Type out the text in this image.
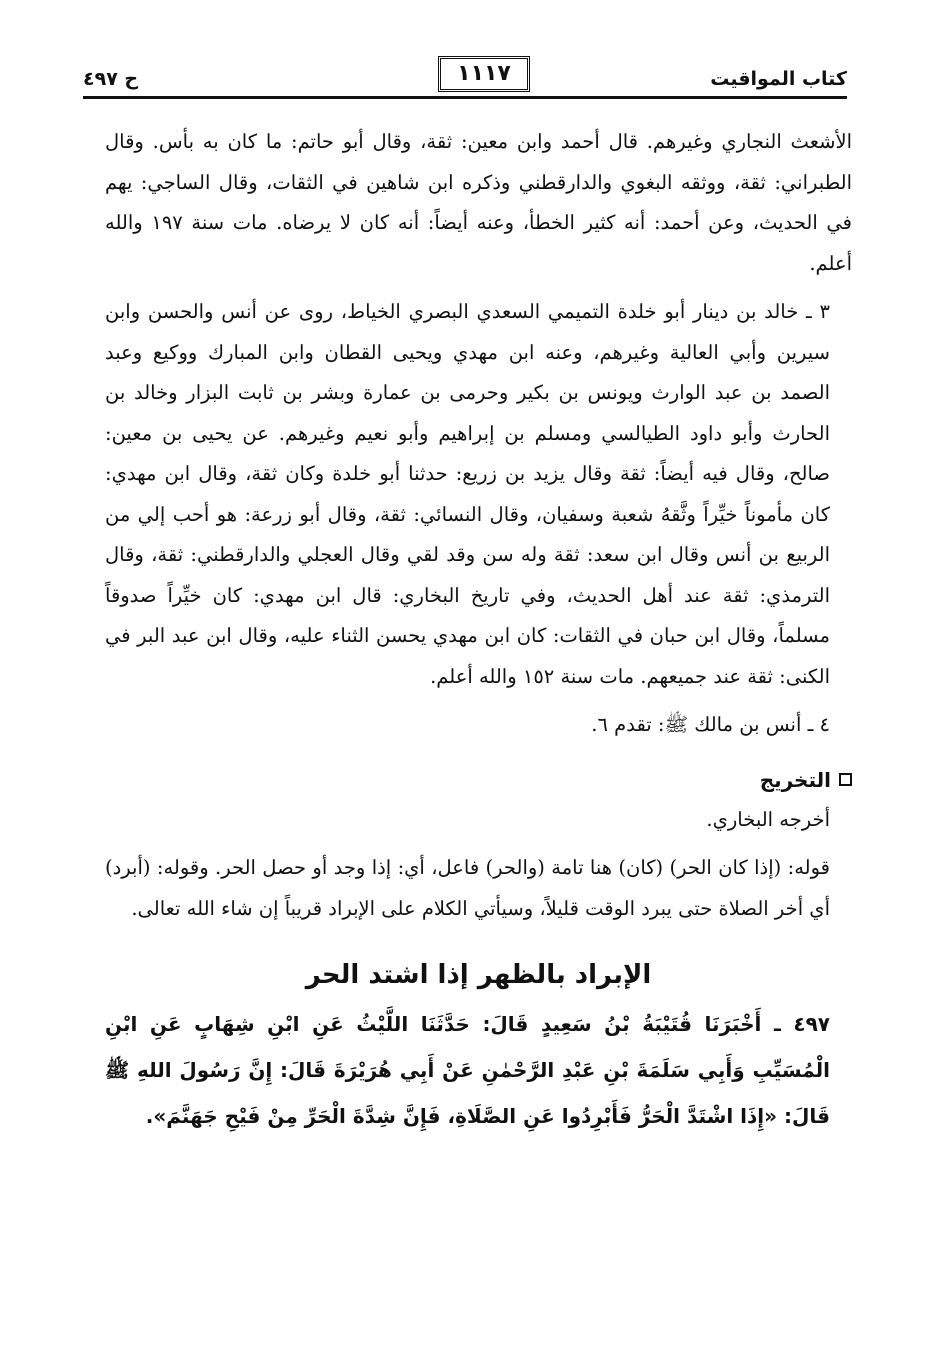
كتاب المواقيت
١١١٧
ح ٤٩٧

الأشعث النجاري وغيرهم. قال أحمد وابن معين: ثقة، وقال أبو حاتم: ما كان به بأس. وقال الطبراني: ثقة، ووثقه البغوي والدارقطني وذكره ابن شاهين في الثقات، وقال الساجي: يهم في الحديث، وعن أحمد: أنه كثير الخطأ، وعنه أيضاً: أنه كان لا يرضاه. مات سنة ١٩٧ والله أعلم.

٣ ـ خالد بن دينار أبو خلدة التميمي السعدي البصري الخياط، روى عن أنس والحسن وابن سيرين وأبي العالية وغيرهم، وعنه ابن مهدي ويحيى القطان وابن المبارك ووكيع وعبد الصمد بن عبد الوارث ويونس بن بكير وحرمى بن عمارة وبشر بن ثابت البزار وخالد بن الحارث وأبو داود الطيالسي ومسلم بن إبراهيم وأبو نعيم وغيرهم. عن يحيى بن معين: صالح، وقال فيه أيضاً: ثقة وقال يزيد بن زريع: حدثنا أبو خلدة وكان ثقة، وقال ابن مهدي: كان مأموناً خيِّراً وثَّقهُ شعبة وسفيان، وقال النسائي: ثقة، وقال أبو زرعة: هو أحب إلي من الربيع بن أنس وقال ابن سعد: ثقة وله سن وقد لقي وقال العجلي والدارقطني: ثقة، وقال الترمذي: ثقة عند أهل الحديث، وفي تاريخ البخاري: قال ابن مهدي: كان خيِّراً صدوقاً مسلماً، وقال ابن حبان في الثقات: كان ابن مهدي يحسن الثناء عليه، وقال ابن عبد البر في الكنى: ثقة عند جميعهم. مات سنة ١٥٢ والله أعلم.

٤ ـ أنس بن مالك ﷺ: تقدم ٦.

التخريج

أخرجه البخاري.

قوله: (إذا كان الحر) (كان) هنا تامة (والحر) فاعل، أي: إذا وجد أو حصل الحر. وقوله: (أبرد) أي أخر الصلاة حتى يبرد الوقت قليلاً، وسيأتي الكلام على الإبراد قريباً إن شاء الله تعالى.

الإبراد بالظهر إذا اشتد الحر

٤٩٧ ـ أَخْبَرَنَا قُتَيْبَةُ بْنُ سَعِيدٍ قَالَ: حَدَّثَنَا اللَّيْثُ عَنِ ابْنِ شِهَابٍ عَنِ ابْنِ الْمُسَيِّبِ وَأَبِي سَلَمَةَ بْنِ عَبْدِ الرَّحْمٰنِ عَنْ أَبِي هُرَيْرَةَ قَالَ: إِنَّ رَسُولَ اللهِ ﷺ قَالَ: «إِذَا اشْتَدَّ الْحَرُّ فَأَبْرِدُوا عَنِ الصَّلَاةِ، فَإِنَّ شِدَّةَ الْحَرِّ مِنْ فَيْحِ جَهَنَّمَ».
